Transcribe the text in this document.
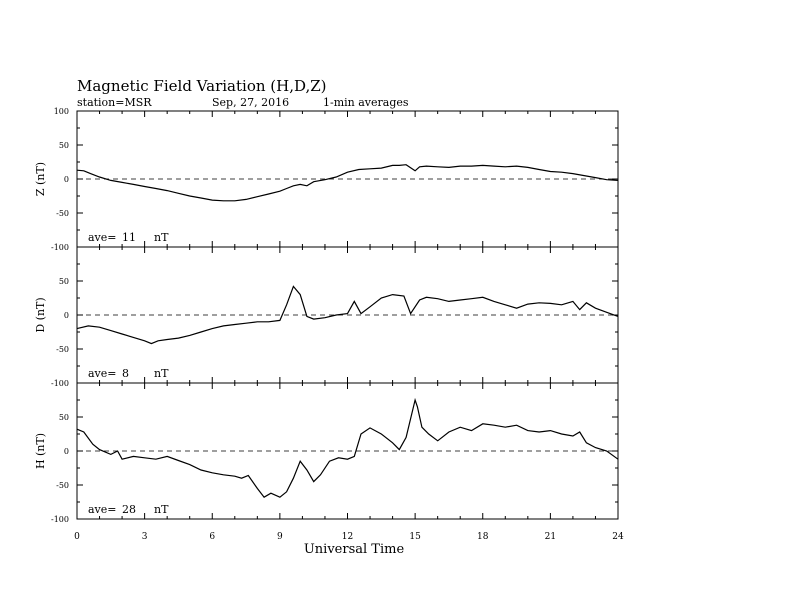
Magnetic Field Variation (H,D,Z)
station=MSR	Sep, 27, 2016	1-min averages
100
50
0
-50
-100
Z (nT)
ave= 11 nT
50
0
-50
-100
D (nT)
ave= 8 nT
50
0
-50
-100
H (nT)
ave= 28 nT
0	3	6	9	12	15	18	21	24
Universal Time
